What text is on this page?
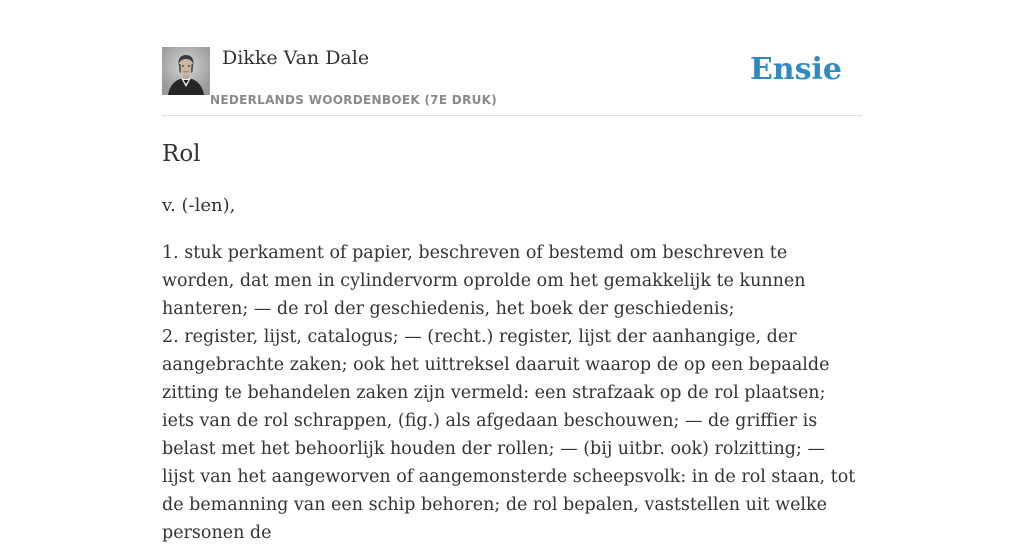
Dikke Van Dale
NEDERLANDS WOORDENBOEK (7E DRUK)
Ensie
Rol

v. (-len),

1. stuk perkament of papier, beschreven of bestemd om beschreven te worden, dat men in cylindervorm oprolde om het gemakkelijk te kunnen hanteren; — de rol der geschiedenis, het boek der geschiedenis;

2. register, lijst, catalogus; — (recht.) register, lijst der aanhangige, der aangebrachte zaken; ook het uittreksel daaruit waarop de op een bepaalde zitting te behandelen zaken zijn vermeld: een strafzaak op de rol plaatsen; iets van de rol schrappen, (fig.) als afgedaan beschouwen; — de griffier is belast met het behoorlijk houden der rollen; — (bij uitbr. ook) rolzitting; — lijst van het aangeworven of aangemonsterde scheepsvolk: in de rol staan, tot de bemanning van een schip behoren; de rol bepalen, vaststellen uit welke personen de
